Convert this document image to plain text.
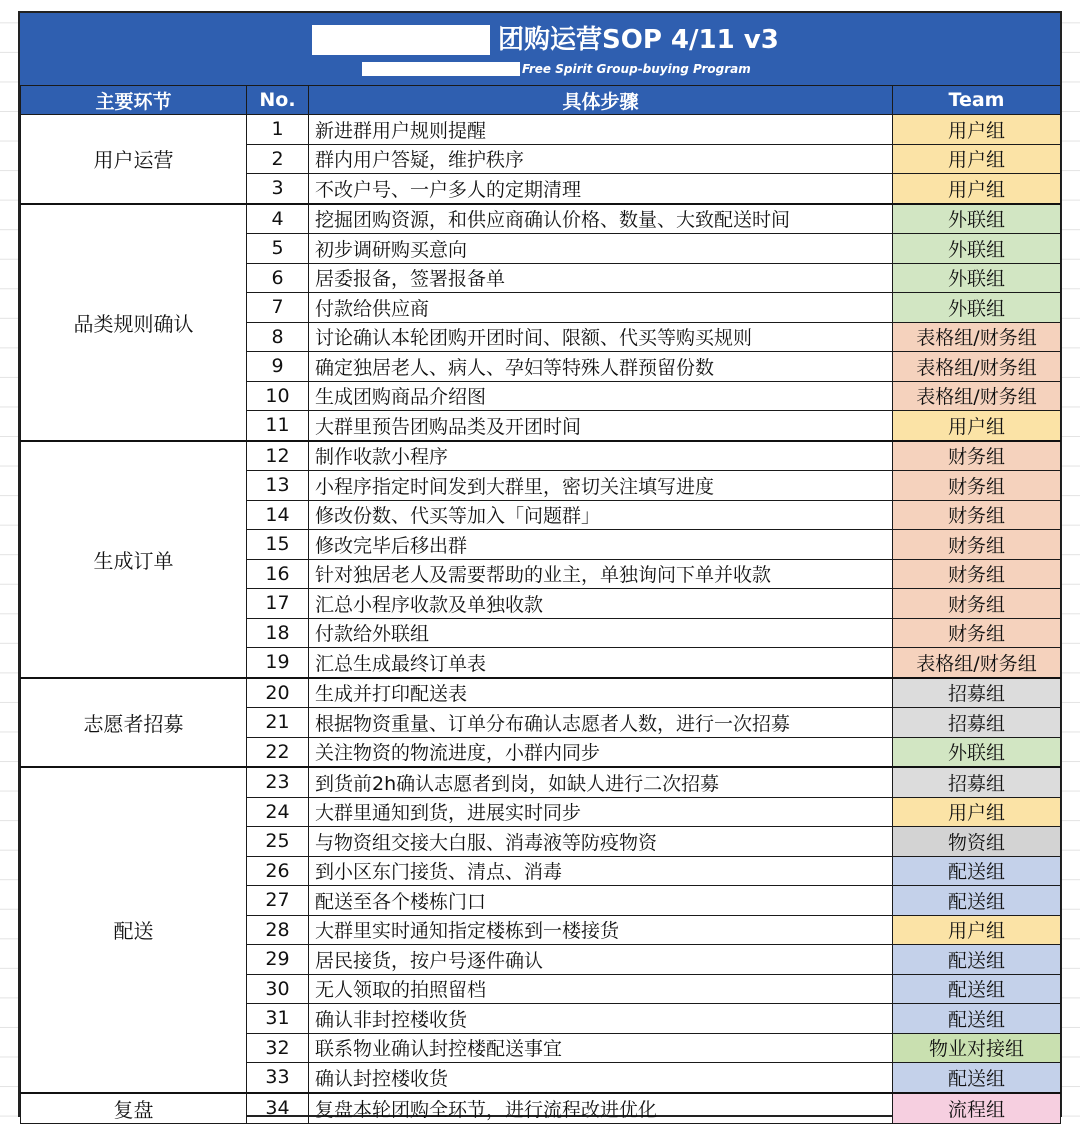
团购运营SOP 4/11 v3
Free Spirit Group-buying Program
主要环节	No.	具体步骤	Team
用户运营	1	新进群用户规则提醒	用户组
	2	群内用户答疑，维护秩序	用户组
	3	不改户号、一户多人的定期清理	用户组
品类规则确认	4	挖掘团购资源，和供应商确认价格、数量、大致配送时间	外联组
	5	初步调研购买意向	外联组
	6	居委报备，签署报备单	外联组
	7	付款给供应商	外联组
	8	讨论确认本轮团购开团时间、限额、代买等购买规则	表格组/财务组
	9	确定独居老人、病人、孕妇等特殊人群预留份数	表格组/财务组
	10	生成团购商品介绍图	表格组/财务组
	11	大群里预告团购品类及开团时间	用户组
生成订单	12	制作收款小程序	财务组
	13	小程序指定时间发到大群里，密切关注填写进度	财务组
	14	修改份数、代买等加入「问题群」	财务组
	15	修改完毕后移出群	财务组
	16	针对独居老人及需要帮助的业主，单独询问下单并收款	财务组
	17	汇总小程序收款及单独收款	财务组
	18	付款给外联组	财务组
	19	汇总生成最终订单表	表格组/财务组
志愿者招募	20	生成并打印配送表	招募组
	21	根据物资重量、订单分布确认志愿者人数，进行一次招募	招募组
	22	关注物资的物流进度，小群内同步	外联组
配送	23	到货前2h确认志愿者到岗，如缺人进行二次招募	招募组
	24	大群里通知到货，进展实时同步	用户组
	25	与物资组交接大白服、消毒液等防疫物资	物资组
	26	到小区东门接货、清点、消毒	配送组
	27	配送至各个楼栋门口	配送组
	28	大群里实时通知指定楼栋到一楼接货	用户组
	29	居民接货，按户号逐件确认	配送组
	30	无人领取的拍照留档	配送组
	31	确认非封控楼收货	配送组
	32	联系物业确认封控楼配送事宜	物业对接组
	33	确认封控楼收货	配送组
复盘	34	复盘本轮团购全环节，进行流程改进优化	流程组
